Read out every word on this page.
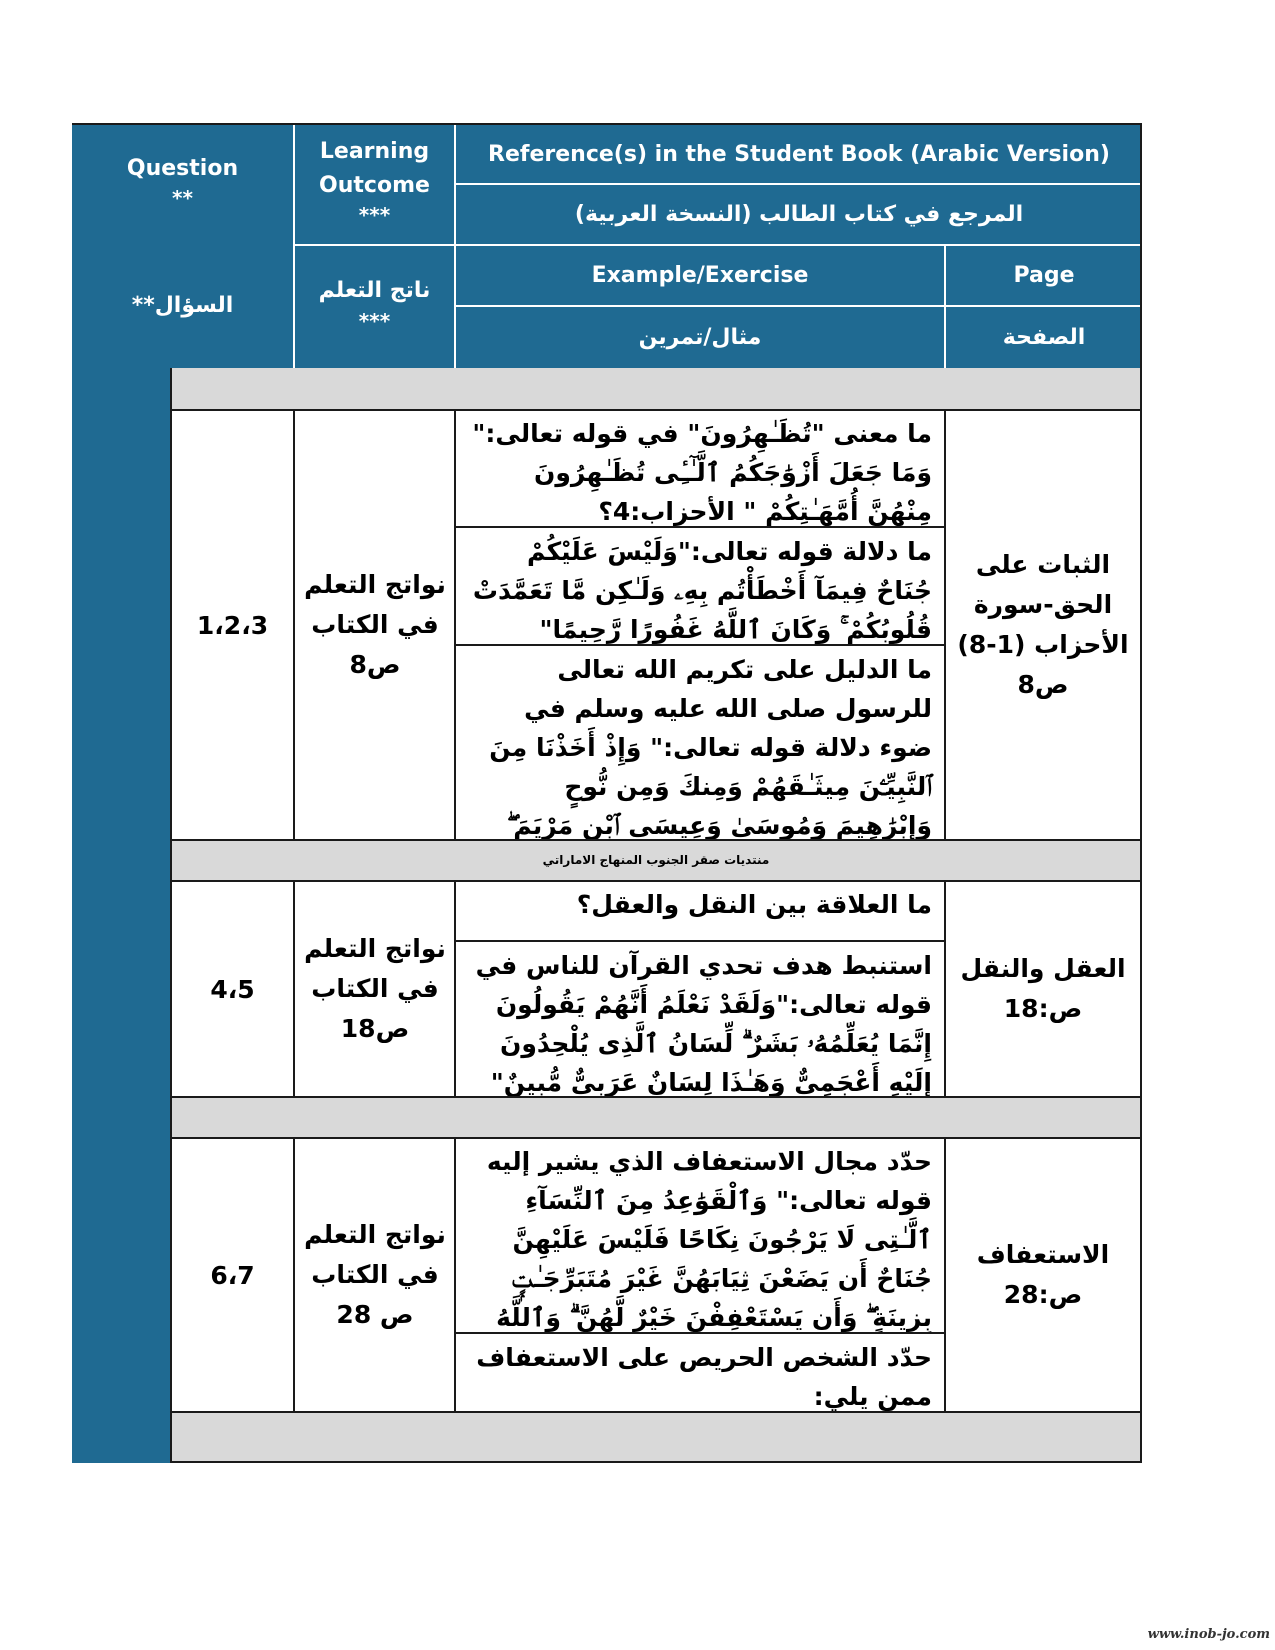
Question
**
السؤال**
Learning Outcome
***
ناتج التعلم
***
Reference(s) in the Student Book (Arabic Version)
المرجع في كتاب الطالب (النسخة العربية)
Example/Exercise
مثال/تمرين
Page
الصفحة
منتديات صقر الجنوب المنهاج الاماراتي
1،2،3
نواتج التعلم في الكتاب ص8
الثبات على الحق-سورة الأحزاب (1-8) ص8
ما معنى "تُظَـٰهِرُونَ" في قوله تعالى:" وَمَا جَعَلَ أَزْوَٰجَكُمُ ٱلَّـٰٓـِٔى تُظَـٰهِرُونَ مِنْهُنَّ أُمَّهَـٰتِكُمْ " الأحزاب:4؟
ما دلالة قوله تعالى:"وَلَيْسَ عَلَيْكُمْ جُنَاحٌ فِيمَآ أَخْطَأْتُم بِهِۦ وَلَـٰكِن مَّا تَعَمَّدَتْ قُلُوبُكُمْ ۚ وَكَانَ ٱللَّهُ غَفُورًا رَّحِيمًا"
ما الدليل على تكريم الله تعالى للرسول صلى الله عليه وسلم في ضوء دلالة قوله تعالى:" وَإِذْ أَخَذْنَا مِنَ ٱلنَّبِيِّـۧنَ مِيثَـٰقَهُمْ وَمِنكَ وَمِن نُّوحٍ وَإِبْرَٰهِيمَ وَمُوسَىٰ وَعِيسَى ٱبْنِ مَرْيَمَ ۖ
4،5
نواتج التعلم في الكتاب ص18
العقل والنقل ص:18
ما العلاقة بين النقل والعقل؟
استنبط هدف تحدي القرآن للناس في قوله تعالى:"وَلَقَدْ نَعْلَمُ أَنَّهُمْ يَقُولُونَ إِنَّمَا يُعَلِّمُهُۥ بَشَرٌ ۗ لِّسَانُ ٱلَّذِى يُلْحِدُونَ إِلَيْهِ أَعْجَمِىٌّ وَهَـٰذَا لِسَانٌ عَرَبِىٌّ مُّبِينٌ"
6،7
نواتج التعلم في الكتاب ص 28
الاستعفاف ص:28
حدّد مجال الاستعفاف الذي يشير إليه قوله تعالى:" وَٱلْقَوَٰعِدُ مِنَ ٱلنِّسَآءِ ٱلَّـٰتِى لَا يَرْجُونَ نِكَاحًا فَلَيْسَ عَلَيْهِنَّ جُنَاحٌ أَن يَضَعْنَ ثِيَابَهُنَّ غَيْرَ مُتَبَرِّجَـٰتٍۭ بِزِينَةٍ ۖ وَأَن يَسْتَعْفِفْنَ خَيْرٌ لَّهُنَّ ۗ وَٱللَّهُ
حدّد الشخص الحريص على الاستعفاف ممن يلي:
www.inob-jo.com
